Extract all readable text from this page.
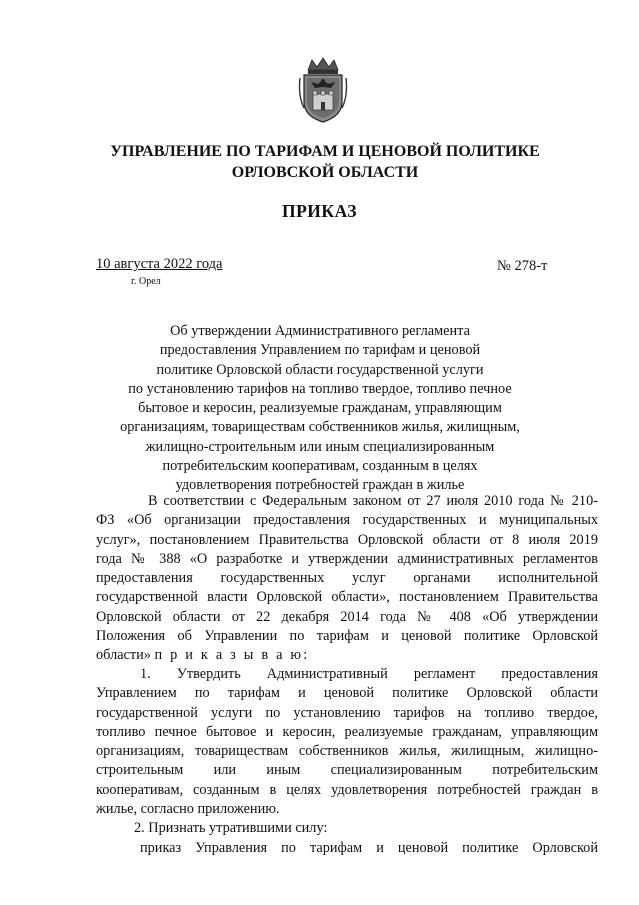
УПРАВЛЕНИЕ ПО ТАРИФАМ И ЦЕНОВОЙ ПОЛИТИКЕ
ОРЛОВСКОЙ ОБЛАСТИ
ПРИКАЗ
10 августа 2022 года
г. Орел
№ 278-т
Об утверждении Административного регламента
предоставления Управлением по тарифам и ценовой
политике Орловской области государственной услуги
по установлению тарифов на топливо твердое, топливо печное
бытовое и керосин, реализуемые гражданам, управляющим
организациям, товариществам собственников жилья, жилищным,
жилищно-строительным или иным специализированным
потребительским кооперативам, созданным в целях
удовлетворения потребностей граждан в жилье
В соответствии с Федеральным законом от 27 июля 2010 года № 210-
ФЗ «Об организации предоставления государственных и муниципальных
услуг», постановлением Правительства Орловской области от 8 июля 2019
года № 388 «О разработке и утверждении административных регламентов
предоставления государственных услуг органами исполнительной
государственной власти Орловской области», постановлением Правительства
Орловской области от 22 декабря 2014 года № 408 «Об утверждении
Положения об Управлении по тарифам и ценовой политике Орловской
области» п р и к а з ы в а ю:
1. Утвердить Административный регламент предоставления
Управлением по тарифам и ценовой политике Орловской области
государственной услуги по установлению тарифов на топливо твердое,
топливо печное бытовое и керосин, реализуемые гражданам, управляющим
организациям, товариществам собственников жилья, жилищным, жилищно-
строительным или иным специализированным потребительским
кооперативам, созданным в целях удовлетворения потребностей граждан в
жилье, согласно приложению.
2. Признать утратившими силу:
приказ Управления по тарифам и ценовой политике Орловской
